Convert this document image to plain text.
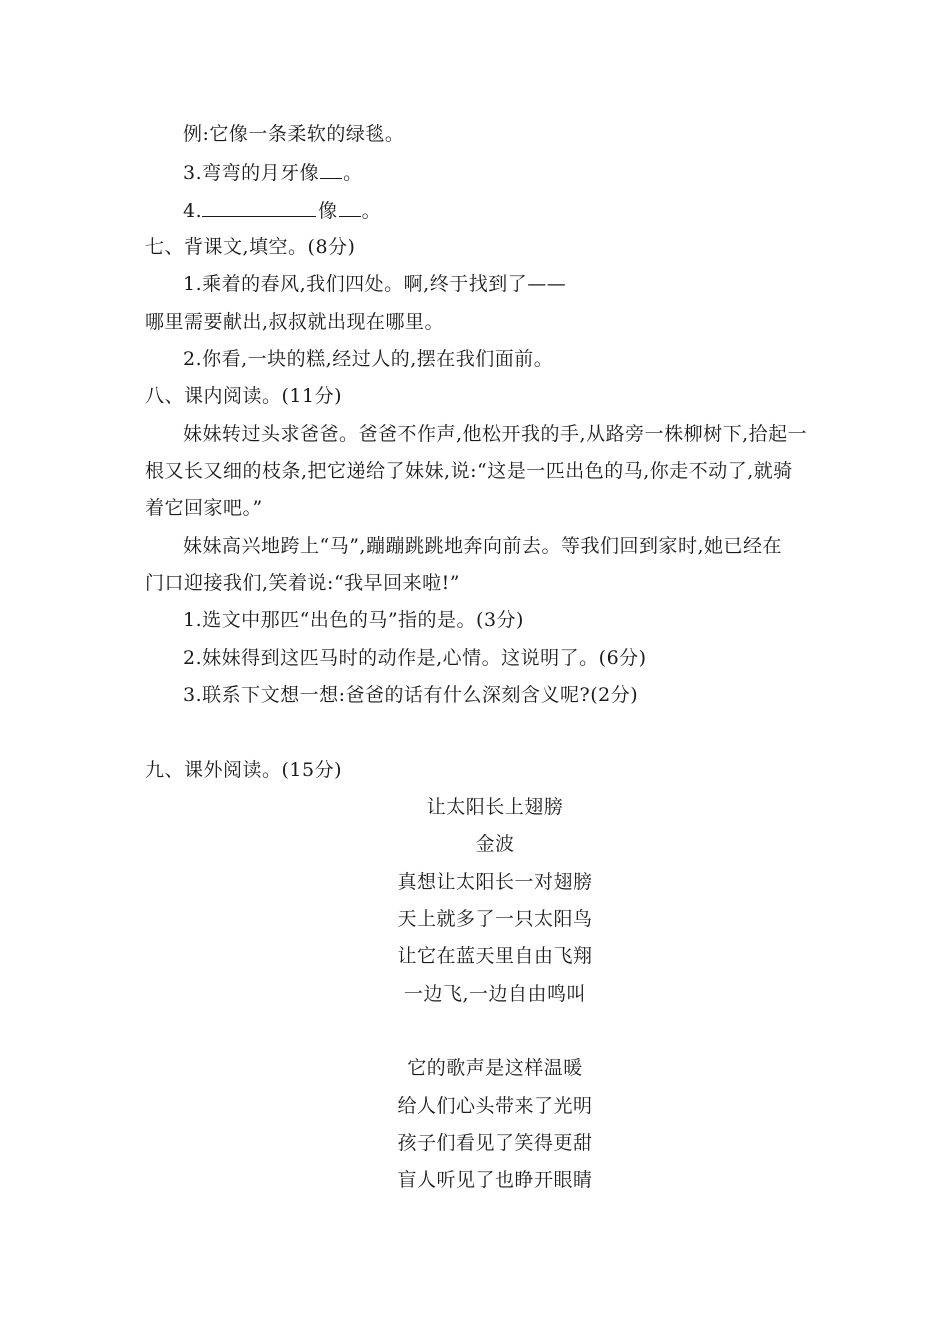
例:它像一条柔软的绿毯。
3.弯弯的月牙像 。
4.	像 。
七、背课文,填空。(8分)
1.乘着的春风,我们四处。啊,终于找到了——
哪里需要献出,叔叔就出现在哪里。
2.你看,一块的糕,经过人的,摆在我们面前。
八、课内阅读。(11分)
妹妹转过头求爸爸。爸爸不作声,他松开我的手,从路旁一株柳树下,拾起一
根又长又细的枝条,把它递给了妹妹,说:“这是一匹出色的马,你走不动了,就骑
着它回家吧。”
妹妹高兴地跨上“马”,蹦蹦跳跳地奔向前去。等我们回到家时,她已经在
门口迎接我们,笑着说:“我早回来啦!”
1.选文中那匹“出色的马”指的是。(3分)
2.妹妹得到这匹马时的动作是,心情。这说明了。(6分)
3.联系下文想一想:爸爸的话有什么深刻含义呢?(2分)
九、课外阅读。(15分)
让太阳长上翅膀
金波
真想让太阳长一对翅膀
天上就多了一只太阳鸟
让它在蓝天里自由飞翔
一边飞,一边自由鸣叫
它的歌声是这样温暖
给人们心头带来了光明
孩子们看见了笑得更甜
盲人听见了也睁开眼睛
